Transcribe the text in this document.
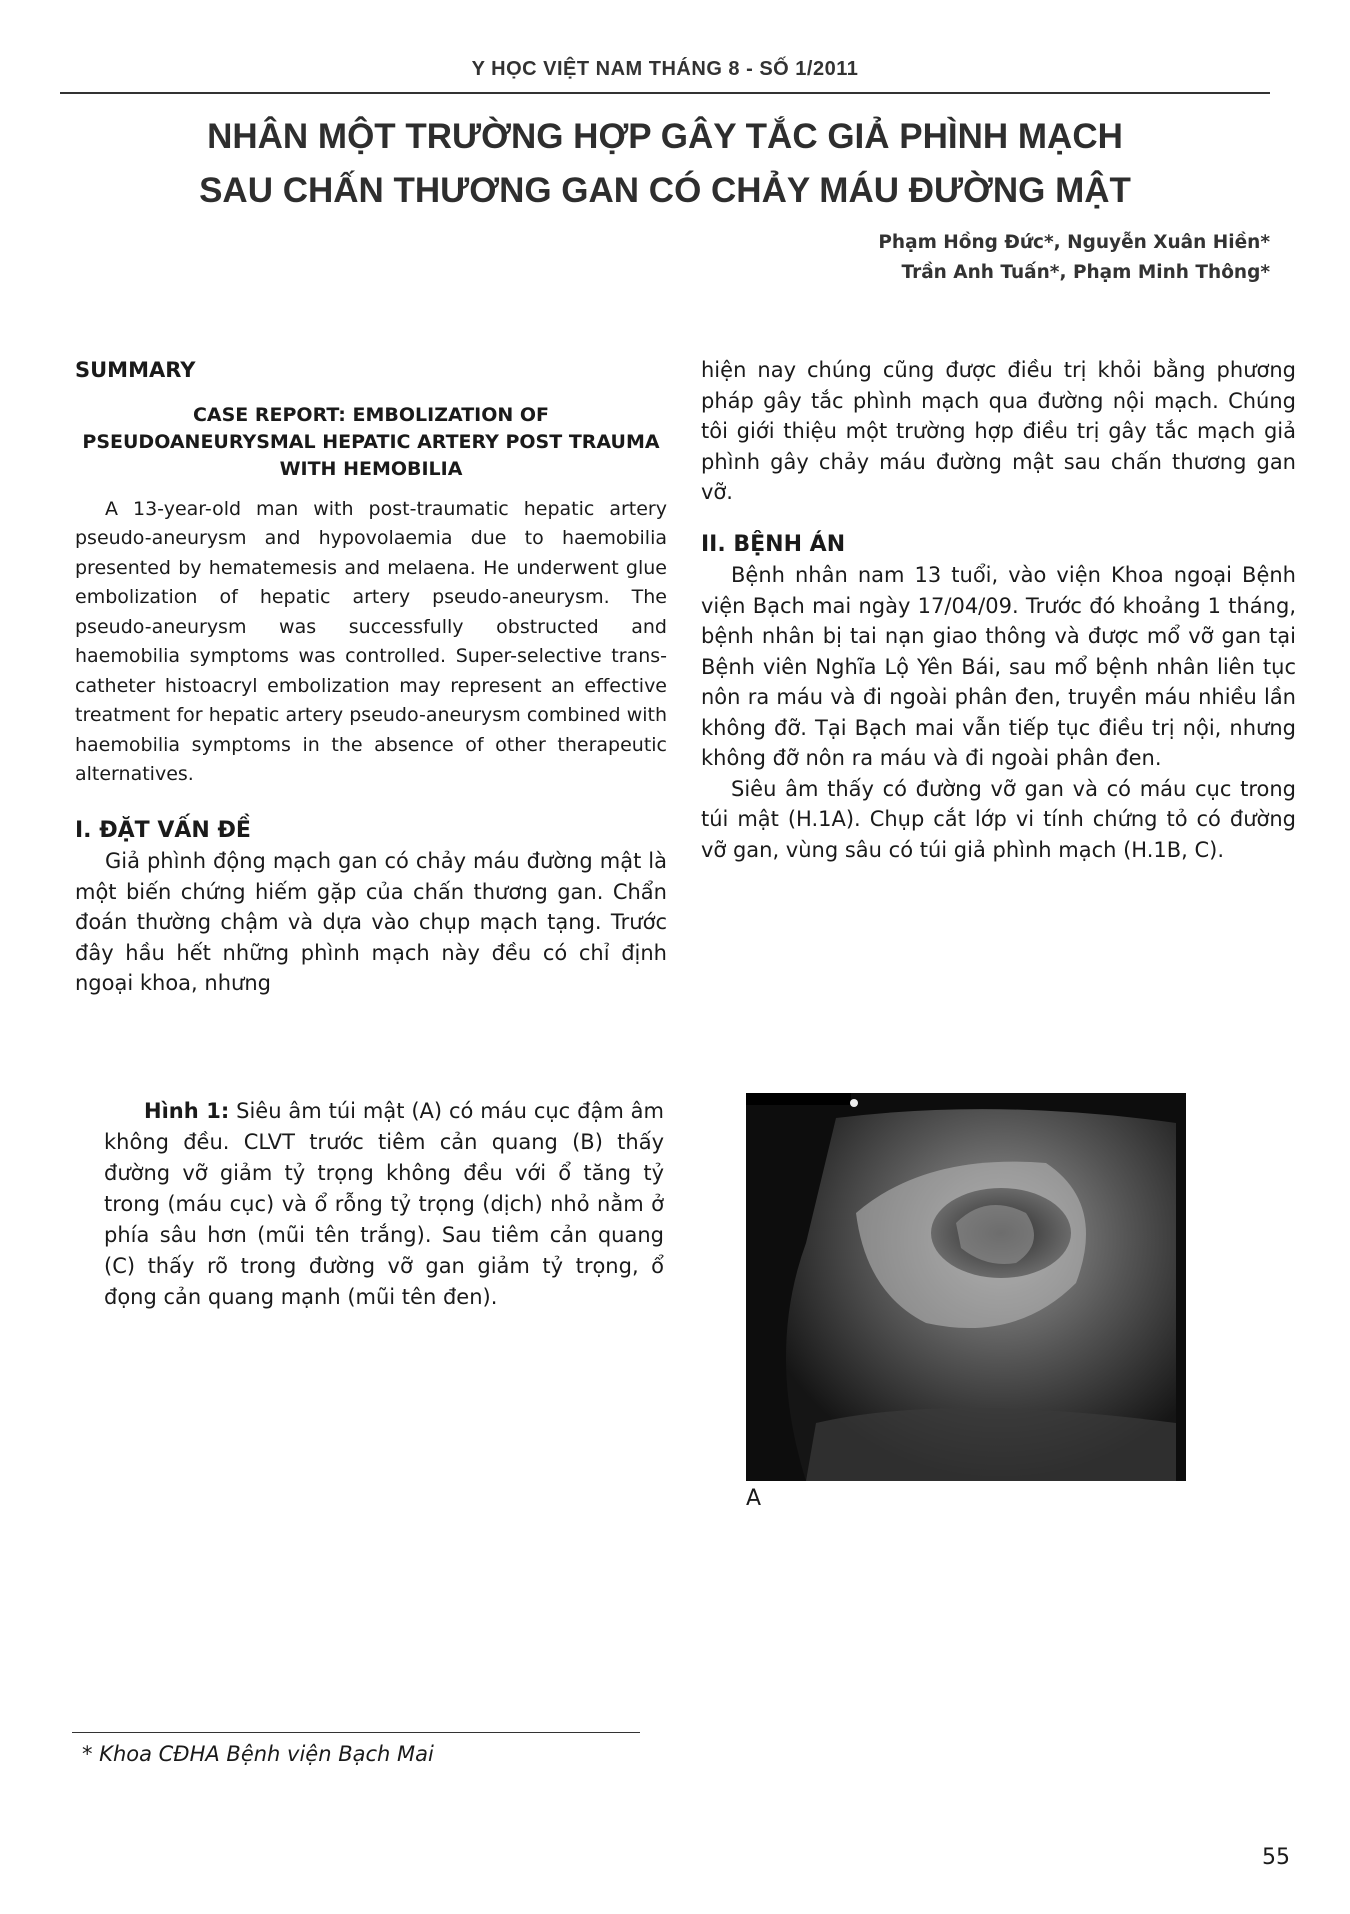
Y HỌC VIỆT NAM THÁNG 8 - SỐ 1/2011
NHÂN MỘT TRƯỜNG HỢP GÂY TẮC GIẢ PHÌNH MẠCH
SAU CHẤN THƯƠNG GAN CÓ CHẢY MÁU ĐƯỜNG MẬT
Phạm Hồng Đức*, Nguyễn Xuân Hiền*
Trần Anh Tuấn*, Phạm Minh Thông*
SUMMARY
CASE REPORT: EMBOLIZATION OF PSEUDOANEURYSMAL HEPATIC ARTERY POST TRAUMA WITH HEMOBILIA

A 13-year-old man with post-traumatic hepatic artery pseudo-aneurysm and hypovolaemia due to haemobilia presented by hematemesis and melaena. He underwent glue embolization of hepatic artery pseudo-aneurysm. The pseudo-aneurysm was successfully obstructed and haemobilia symptoms was controlled. Super-selective trans-catheter histoacryl embolization may represent an effective treatment for hepatic artery pseudo-aneurysm combined with haemobilia symptoms in the absence of other therapeutic alternatives.

I. ĐẶT VẤN ĐỀ

Giả phình động mạch gan có chảy máu đường mật là một biến chứng hiếm gặp của chấn thương gan. Chẩn đoán thường chậm và dựa vào chụp mạch tạng. Trước đây hầu hết những phình mạch này đều có chỉ định ngoại khoa, nhưng

hiện nay chúng cũng được điều trị khỏi bằng phương pháp gây tắc phình mạch qua đường nội mạch. Chúng tôi giới thiệu một trường hợp điều trị gây tắc mạch giả phình gây chảy máu đường mật sau chấn thương gan vỡ.

II. BỆNH ÁN

Bệnh nhân nam 13 tuổi, vào viện Khoa ngoại Bệnh viện Bạch mai ngày 17/04/09. Trước đó khoảng 1 tháng, bệnh nhân bị tai nạn giao thông và được mổ vỡ gan tại Bệnh viên Nghĩa Lộ Yên Bái, sau mổ bệnh nhân liên tục nôn ra máu và đi ngoài phân đen, truyền máu nhiều lần không đỡ. Tại Bạch mai vẫn tiếp tục điều trị nội, nhưng không đỡ nôn ra máu và đi ngoài phân đen.

Siêu âm thấy có đường vỡ gan và có máu cục trong túi mật (H.1A). Chụp cắt lớp vi tính chứng tỏ có đường vỡ gan, vùng sâu có túi giả phình mạch (H.1B, C).

Hình 1: Siêu âm túi mật (A) có máu cục đậm âm không đều. CLVT trước tiêm cản quang (B) thấy đường vỡ giảm tỷ trọng không đều với ổ tăng tỷ trong (máu cục) và ổ rỗng tỷ trọng (dịch) nhỏ nằm ở phía sâu hơn (mũi tên trắng). Sau tiêm cản quang (C) thấy rõ trong đường vỡ gan giảm tỷ trọng, ổ đọng cản quang mạnh (mũi tên đen).
A
* Khoa CĐHA Bệnh viện Bạch Mai
55
